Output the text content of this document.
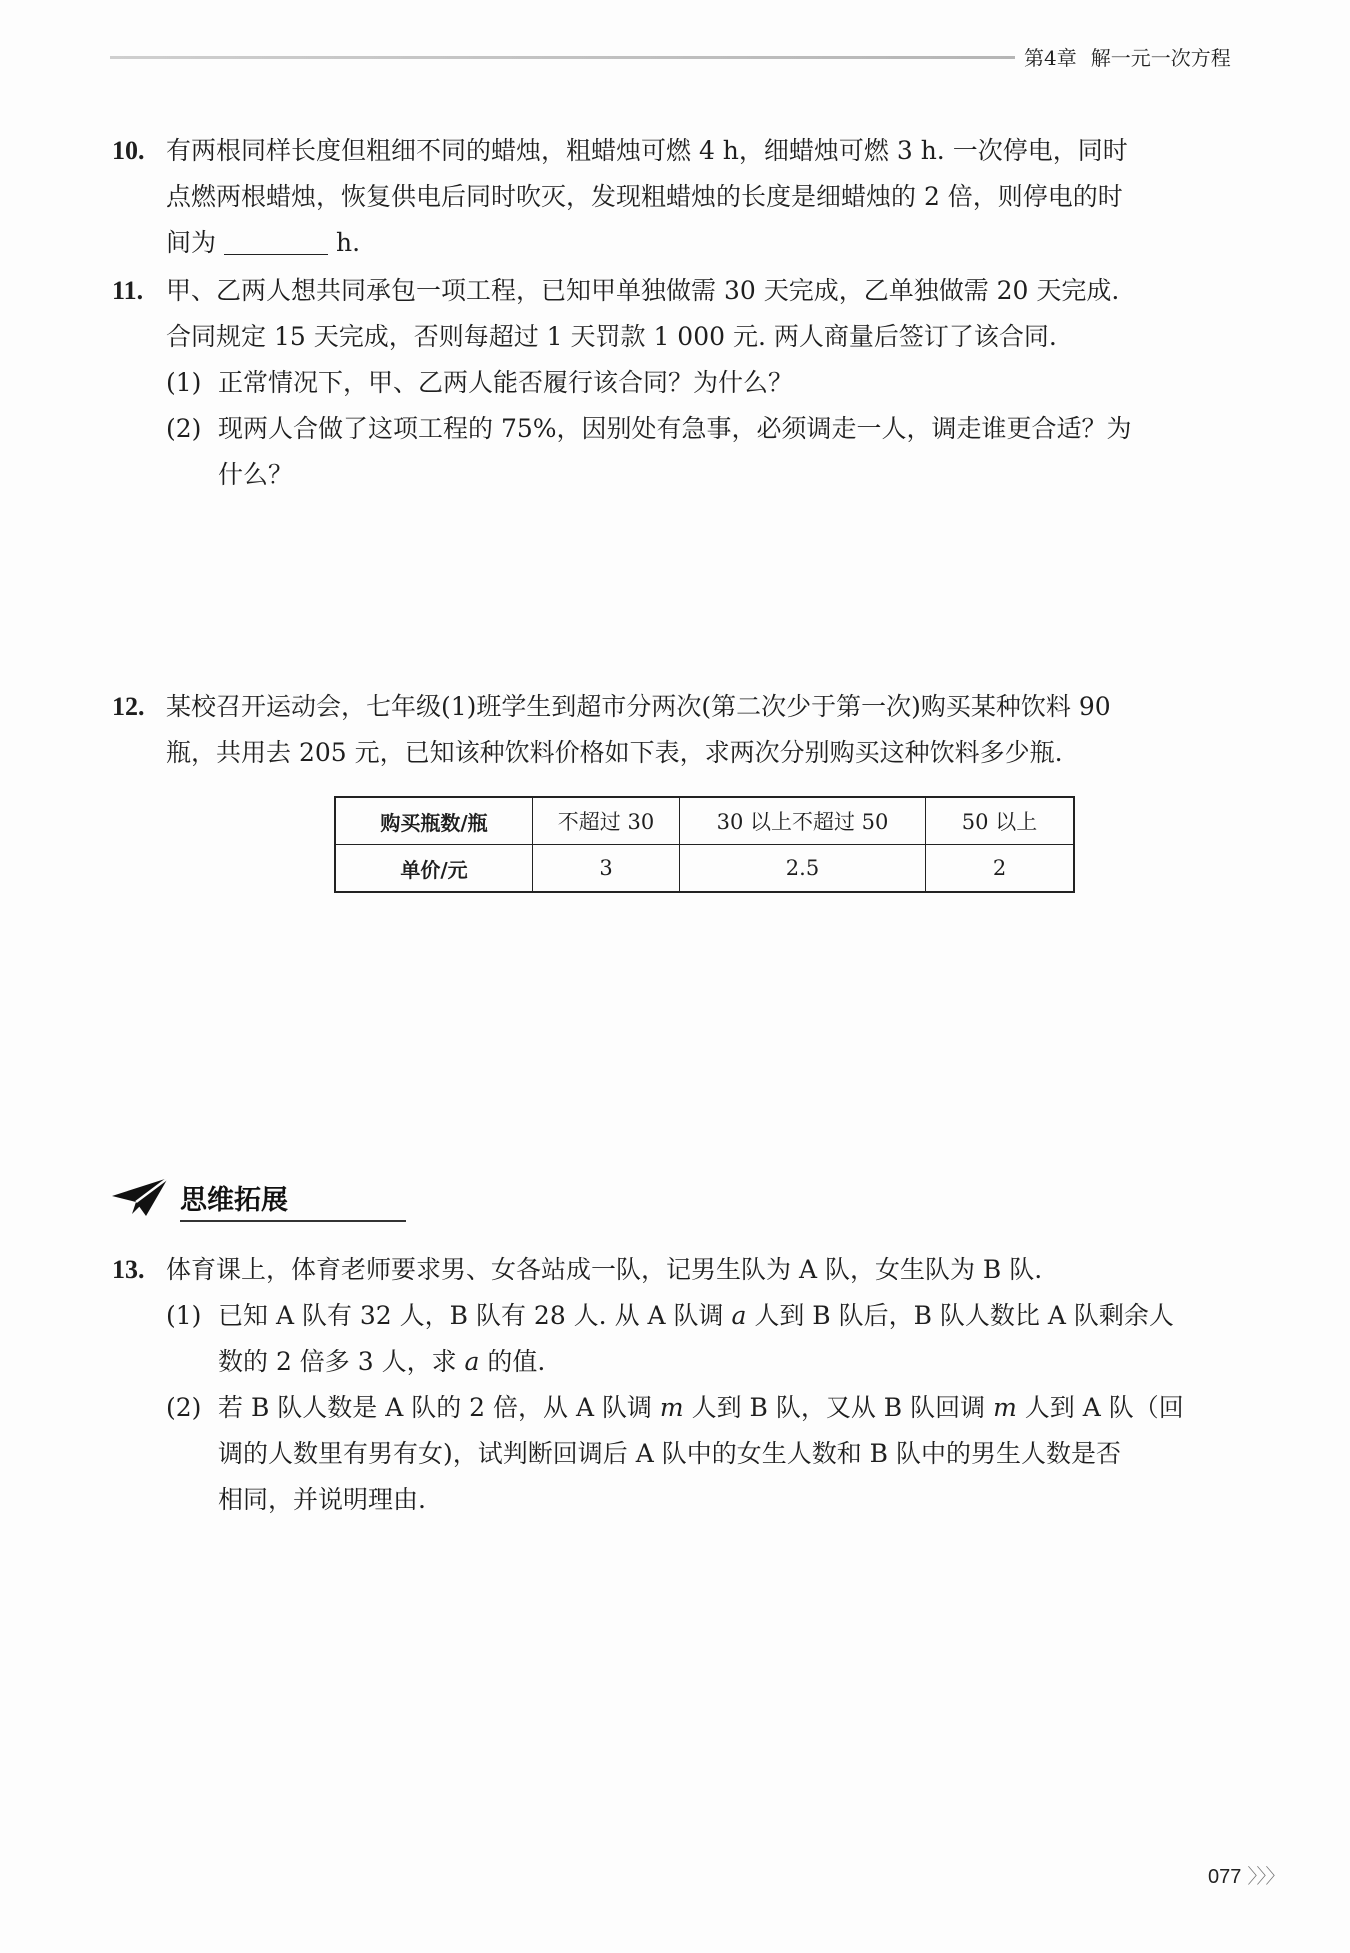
第4章 解一元一次方程
10. 有两根同样长度但粗细不同的蜡烛，粗蜡烛可燃 4 h，细蜡烛可燃 3 h. 一次停电，同时
点燃两根蜡烛，恢复供电后同时吹灭，发现粗蜡烛的长度是细蜡烛的 2 倍，则停电的时
间为	h.
11. 甲、乙两人想共同承包一项工程，已知甲单独做需 30 天完成，乙单独做需 20 天完成.
合同规定 15 天完成，否则每超过 1 天罚款 1 000 元. 两人商量后签订了该合同.
(1) 正常情况下，甲、乙两人能否履行该合同？为什么？
(2) 现两人合做了这项工程的 75%，因别处有急事，必须调走一人，调走谁更合适？为
什么？
12. 某校召开运动会，七年级(1)班学生到超市分两次(第二次少于第一次)购买某种饮料 90
瓶，共用去 205 元，已知该种饮料价格如下表，求两次分别购买这种饮料多少瓶.
购买瓶数/瓶	不超过 30	30 以上不超过 50	50 以上
单价/元	3	2.5	2
思维拓展
13. 体育课上，体育老师要求男、女各站成一队，记男生队为 A 队，女生队为 B 队.
(1) 已知 A 队有 32 人，B 队有 28 人. 从 A 队调 a 人到 B 队后，B 队人数比 A 队剩余人
数的 2 倍多 3 人，求 a 的值.
(2) 若 B 队人数是 A 队的 2 倍，从 A 队调 m 人到 B 队，又从 B 队回调 m 人到 A 队（回
调的人数里有男有女)，试判断回调后 A 队中的女生人数和 B 队中的男生人数是否
相同，并说明理由.
077 〉〉〉
